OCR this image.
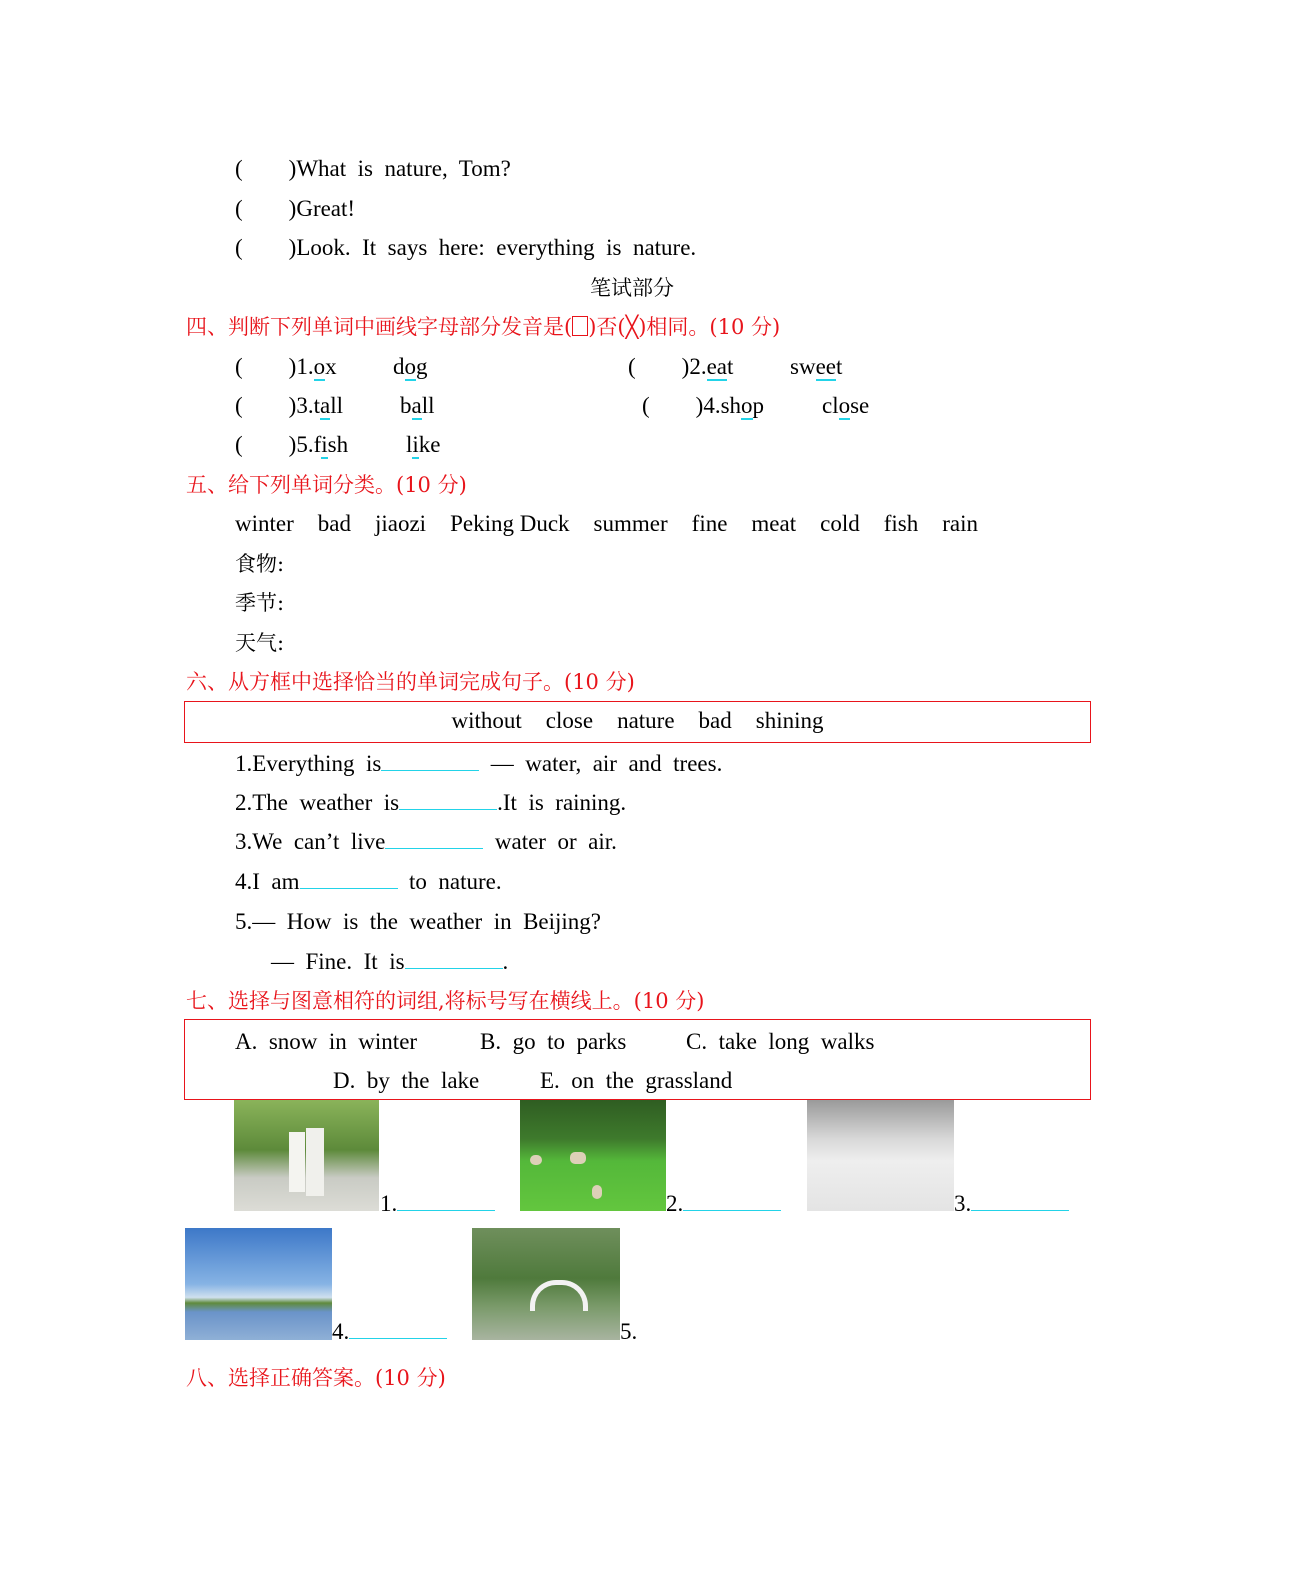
(        )What  is  nature,  Tom?
(        )Great!
(        )Look.  It  says  here:  everything  is  nature.
笔试部分
四、判断下列单词中画线字母部分发音是( )否(╳)相同。(10 分)
(        )1.ox dog	(        )2.eat sweet
(        )3.tall ball	(        )4.shop	close
(        )5.fish	like
五、给下列单词分类。(10 分)
winter bad jiaozi Peking Duck summer fine meat cold fish rain
食物:
季节:
天气:
六、从方框中选择恰当的单词完成句子。(10 分)
without close nature bad shining
1.Everything  is	—  water,  air  and  trees.
2.The  weather  is	.It  is  raining.
3.We  can’t  live	water  or  air.
4.I  am	to  nature.
5.—  How  is  the  weather  in  Beijing?
—  Fine.  It  is	.
七、选择与图意相符的词组,将标号写在横线上。(10 分)
A.  snow  in  winter	B.  go  to  parks	C.  take  long  walks
D.  by  the  lake	E.  on  the  grassland
1.	2.	3.
4.	5.
八、选择正确答案。(10 分)
